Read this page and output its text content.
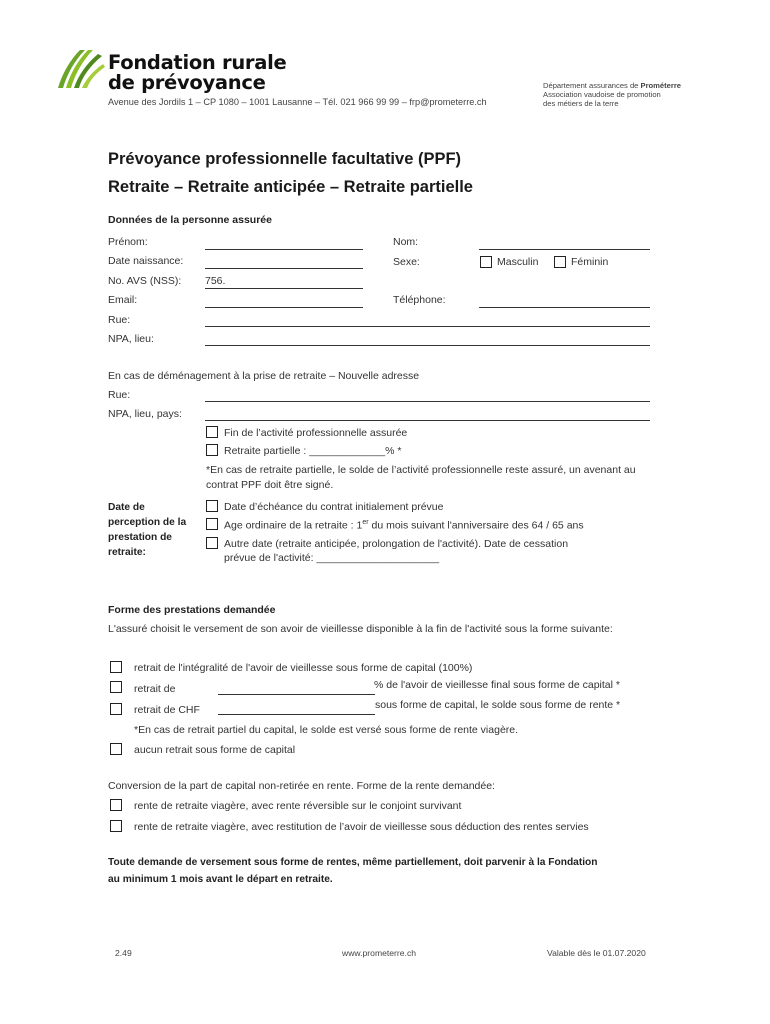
Fondation rurale
de prévoyance
Avenue des Jordils 1 – CP 1080 – 1001 Lausanne – Tél. 021 966 99 99 – frp@prometerre.ch
Département assurances de Prométerre
Association vaudoise de promotion
des métiers de la terre
Prévoyance professionnelle facultative (PPF)
Retraite – Retraite anticipée – Retraite partielle
Données de la personne assurée
Prénom:	Nom:
Date naissance:	Sexe:	Masculin	Féminin
No. AVS (NSS): 756.
Email:	Téléphone:
Rue:
NPA, lieu:
En cas de déménagement à la prise de retraite – Nouvelle adresse
Rue:
NPA, lieu, pays:
Fin de l’activité professionnelle assurée
Retraite partielle : _____________% *
*En cas de retraite partielle, le solde de l’activité professionnelle reste assuré, un avenant au contrat PPF doit être signé.
Date de perception de la prestation de retraite:
Date d’échéance du contrat initialement prévue
Age ordinaire de la retraite : 1er du mois suivant l'anniversaire des 64 / 65 ans
Autre date (retraite anticipée, prolongation de l'activité). Date de cessation
prévue de l'activité: _____________________
Forme des prestations demandée
L'assuré choisit le versement de son avoir de vieillesse disponible à la fin de l'activité sous la forme suivante:
retrait de l'intégralité de l'avoir de vieillesse sous forme de capital (100%)
retrait de	% de l'avoir de vieillesse final sous forme de capital *
retrait de CHF	sous forme de capital, le solde sous forme de rente *
*En cas de retrait partiel du capital, le solde est versé sous forme de rente viagère.
aucun retrait sous forme de capital
Conversion de la part de capital non-retirée en rente. Forme de la rente demandée:
rente de retraite viagère, avec rente réversible sur le conjoint survivant
rente de retraite viagère, avec restitution de l’avoir de vieillesse sous déduction des rentes servies
Toute demande de versement sous forme de rentes, même partiellement, doit parvenir à la Fondation
au minimum 1 mois avant le départ en retraite.
2.49	www.prometerre.ch	Valable dès le 01.07.2020
